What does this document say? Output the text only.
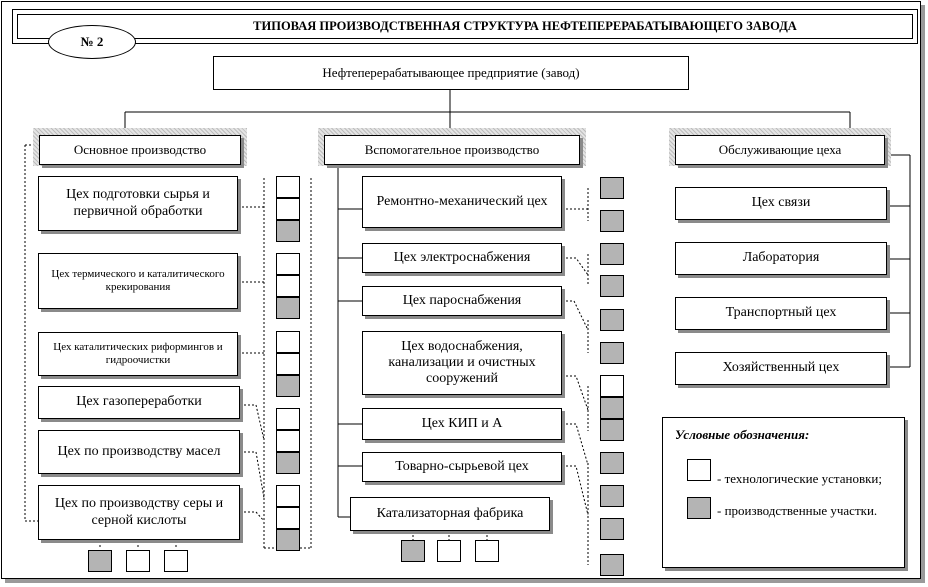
ТИПОВАЯ ПРОИЗВОДСТВЕННАЯ СТРУКТУРА НЕФТЕПЕРЕРАБАТЫВАЮЩЕГО ЗАВОДА
№ 2
Нефтеперерабатывающее предприятие (завод)
Основное производство	Вспомогательное производство	Обслуживающие цеха
Цех подготовки сырья и первичной обработки
Цех термического и каталитического крекирования
Цех каталитических риформингов и гидроочистки
Цех газопереработки
Цех по производству масел
Цех по производству серы и серной кислоты
Ремонтно-механический цех
Цех электроснабжения
Цех пароснабжения
Цех водоснабжения, канализации и очистных сооружений
Цех КИП и А
Товарно-сырьевой цех
Катализаторная фабрика
Цех связи
Лаборатория
Транспортный цех
Хозяйственный цех
Условные обозначения:
- технологические установки;
- производственные участки.
